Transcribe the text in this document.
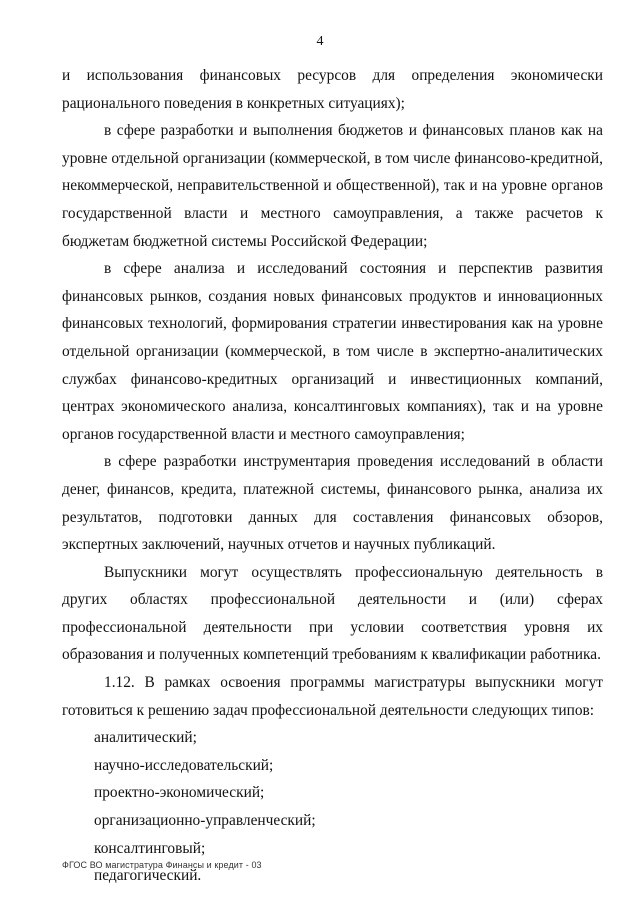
4

и использования финансовых ресурсов для определения экономически рационального поведения в конкретных ситуациях);

в сфере разработки и выполнения бюджетов и финансовых планов как на уровне отдельной организации (коммерческой, в том числе финансово-кредитной, некоммерческой, неправительственной и общественной), так и на уровне органов государственной власти и местного самоуправления, а также расчетов к бюджетам бюджетной системы Российской Федерации;

в сфере анализа и исследований состояния и перспектив развития финансовых рынков, создания новых финансовых продуктов и инновационных финансовых технологий, формирования стратегии инвестирования как на уровне отдельной организации (коммерческой, в том числе в экспертно-аналитических службах финансово-кредитных организаций и инвестиционных компаний, центрах экономического анализа, консалтинговых компаниях), так и на уровне органов государственной власти и местного самоуправления;

в сфере разработки инструментария проведения исследований в области денег, финансов, кредита, платежной системы, финансового рынка, анализа их результатов, подготовки данных для составления финансовых обзоров, экспертных заключений, научных отчетов и научных публикаций.

Выпускники могут осуществлять профессиональную деятельность в других областях профессиональной деятельности и (или) сферах профессиональной деятельности при условии соответствия уровня их образования и полученных компетенций требованиям к квалификации работника.

1.12. В рамках освоения программы магистратуры выпускники могут готовиться к решению задач профессиональной деятельности следующих типов:

аналитический;
научно-исследовательский;
проектно-экономический;
организационно-управленческий;
консалтинговый;
педагогический.
ФГОС ВО магистратура Финансы и кредит - 03
